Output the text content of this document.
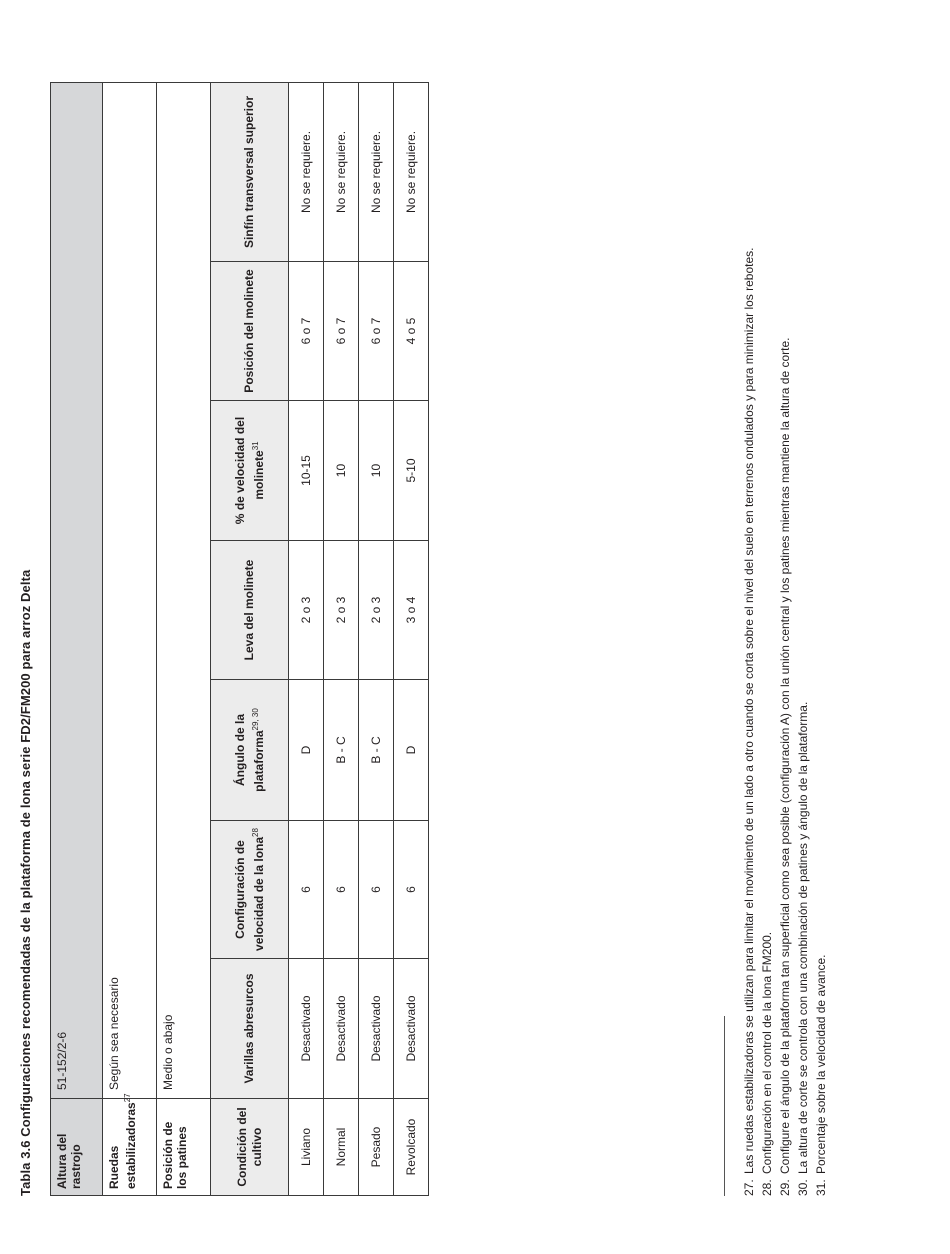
Tabla 3.6 Configuraciones recomendadas de la plataforma de lona serie FD2/FM200 para arroz Delta Altura del rastrojo	51-152/2-6						
Ruedas estabilizadoras$^{27}$	Según sea necesario						
Posición de los patines	Medio o abajo						
Condición del cultivo	Varillas abresurcos	Configuración de velocidad de la lona$^{28}$	Ángulo de la plataforma$^{29, 30}$	Leva del molinete	% de velocidad del molinete$^{31}$	Posición del molinete	Sinfín transversal superior
Liviano	Desactivado	6	D	2 o 3	10-15	6 o 7	No se requiere.
Normal	Desactivado	6	B - C	2 o 3	10	6 o 7	No se requiere.
Pesado	Desactivado	6	B - C	2 o 3	10	6 o 7	No se requiere.
Revolcado	Desactivado	6	D	3 o 4	5-10	4 o 5	No se requiere.
27.
Las ruedas estabilizadoras se utilizan para limitar el movimiento de un lado a otro cuando se corta sobre el nivel del suelo en terrenos ondulados y para minimizar los rebotes.
28.
Configuración en el control de la lona FM200.
29.
Configure el ángulo de la plataforma tan superficial como sea posible (configuración A) con la unión central y los patines mientras mantiene la altura de corte.
30.
La altura de corte se controla con una combinación de patines y ángulo de la plataforma.
31.
Porcentaje sobre la velocidad de avance.
